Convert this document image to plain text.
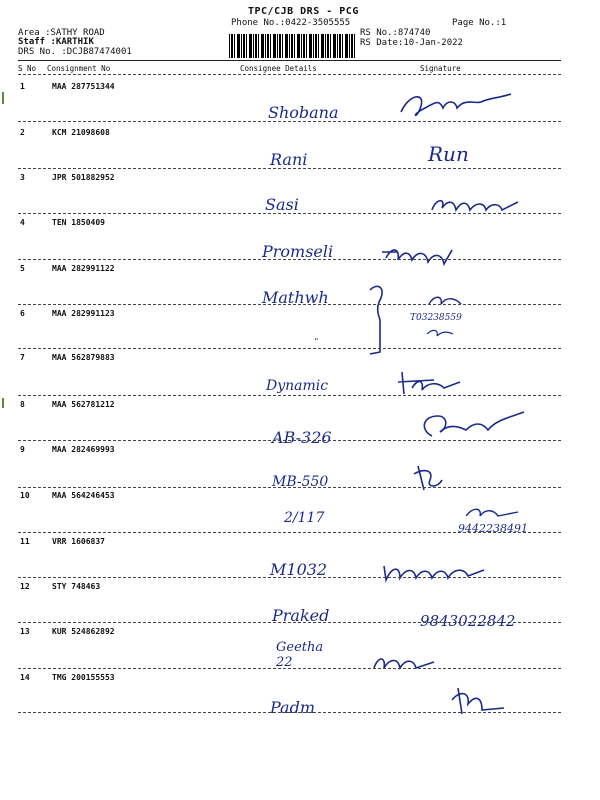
TPC/CJB DRS - PCG
Phone No.:0422-3505555	Page No.:1
Area :SATHY ROAD
Staff :KARTHIK
DRS No. :DCJB87474001
RS No.:874740
RS Date:10-Jan-2022
S No Consignment No	Consignee Details	Signature
1	MAA 287751344
Shobana
2	KCM 21098608
Rani	Run
3	JPR 501882952
Sasi
4	TEN 1850409
Promseli
5	MAA 282991122
Mathwh
6	MAA 282991123	T03238559
"
7	MAA 562879883
Dynamic
8	MAA 562781212
AB-326
9	MAA 282469993
MB-550
10	MAA 564246453
2/117
9442238491
11	VRR 1606837
M1032
12	STY 748463
Praked	9843022842
13	KUR 524862892
Geetha 22
14	TMG 200155553
Padm
